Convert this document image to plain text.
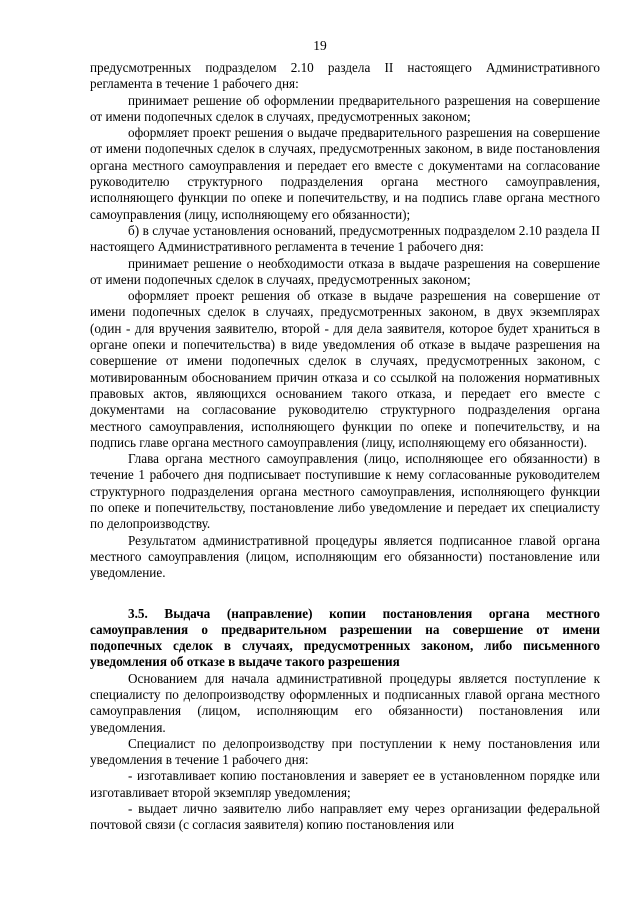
19

предусмотренных подразделом 2.10 раздела II настоящего Административного регламента в течение 1 рабочего дня:

принимает решение об оформлении предварительного разрешения на совершение от имени подопечных сделок в случаях, предусмотренных законом;

оформляет проект решения о выдаче предварительного разрешения на совершение от имени подопечных сделок в случаях, предусмотренных законом, в виде постановления органа местного самоуправления и передает его вместе с документами на согласование руководителю структурного подразделения органа местного самоуправления, исполняющего функции по опеке и попечительству, и на подпись главе органа местного самоуправления (лицу, исполняющему его обязанности);

б) в случае установления оснований, предусмотренных подразделом 2.10 раздела II настоящего Административного регламента в течение 1 рабочего дня:

принимает решение о необходимости отказа в выдаче разрешения на совершение от имени подопечных сделок в случаях, предусмотренных законом;

оформляет проект решения об отказе в выдаче разрешения на совершение от имени подопечных сделок в случаях, предусмотренных законом, в двух экземплярах (один - для вручения заявителю, второй - для дела заявителя, которое будет храниться в органе опеки и попечительства) в виде уведомления об отказе в выдаче разрешения на совершение от имени подопечных сделок в случаях, предусмотренных законом, с мотивированным обоснованием причин отказа и со ссылкой на положения нормативных правовых актов, являющихся основанием такого отказа, и передает его вместе с документами на согласование руководителю структурного подразделения органа местного самоуправления, исполняющего функции по опеке и попечительству, и на подпись главе органа местного самоуправления (лицу, исполняющему его обязанности).

Глава органа местного самоуправления (лицо, исполняющее его обязанности) в течение 1 рабочего дня подписывает поступившие к нему согласованные руководителем структурного подразделения органа местного самоуправления, исполняющего функции по опеке и попечительству, постановление либо уведомление и передает их специалисту по делопроизводству.

Результатом административной процедуры является подписанное главой органа местного самоуправления (лицом, исполняющим его обязанности) постановление или уведомление.

3.5. Выдача (направление) копии постановления органа местного самоуправления о предварительном разрешении на совершение от имени подопечных сделок в случаях, предусмотренных законом, либо письменного уведомления об отказе в выдаче такого разрешения

Основанием для начала административной процедуры является поступление к специалисту по делопроизводству оформленных и подписанных главой органа местного самоуправления (лицом, исполняющим его обязанности) постановления или уведомления.

Специалист по делопроизводству при поступлении к нему постановления или уведомления в течение 1 рабочего дня:

- изготавливает копию постановления и заверяет ее в установленном порядке или изготавливает второй экземпляр уведомления;

- выдает лично заявителю либо направляет ему через организации федеральной почтовой связи (с согласия заявителя) копию постановления или
